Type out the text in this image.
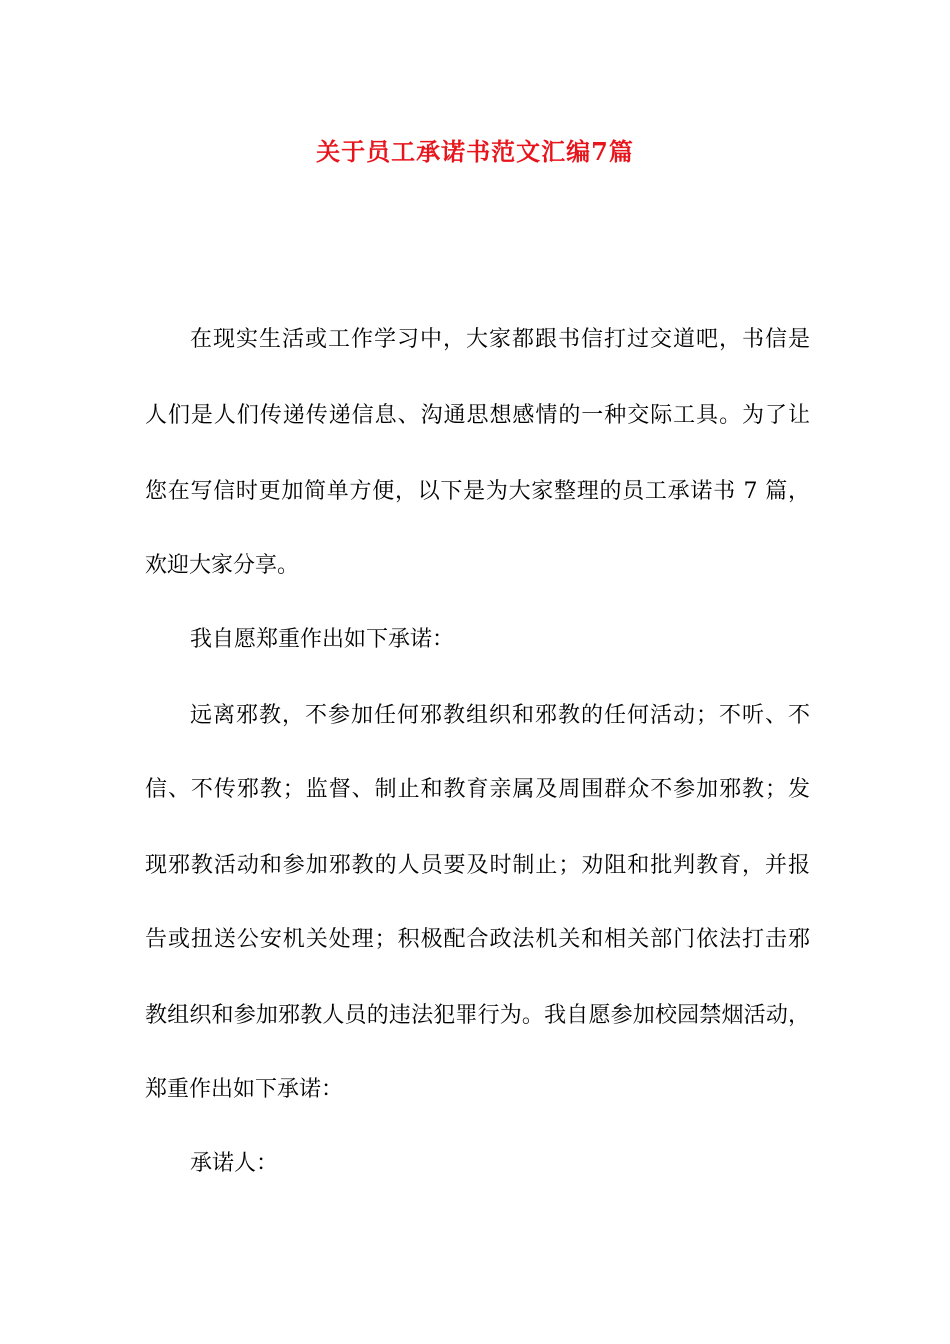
关于员工承诺书范文汇编7篇
在现实生活或工作学习中，大家都跟书信打过交道吧，书信是
人们是人们传递传递信息、沟通思想感情的一种交际工具。为了让
您在写信时更加简单方便，以下是为大家整理的员工承诺书 7 篇，
欢迎大家分享。
我自愿郑重作出如下承诺：
远离邪教，不参加任何邪教组织和邪教的任何活动；不听、不
信、不传邪教；监督、制止和教育亲属及周围群众不参加邪教；发
现邪教活动和参加邪教的人员要及时制止；劝阻和批判教育，并报
告或扭送公安机关处理；积极配合政法机关和相关部门依法打击邪
教组织和参加邪教人员的违法犯罪行为。我自愿参加校园禁烟活动，
郑重作出如下承诺：
承诺人：
